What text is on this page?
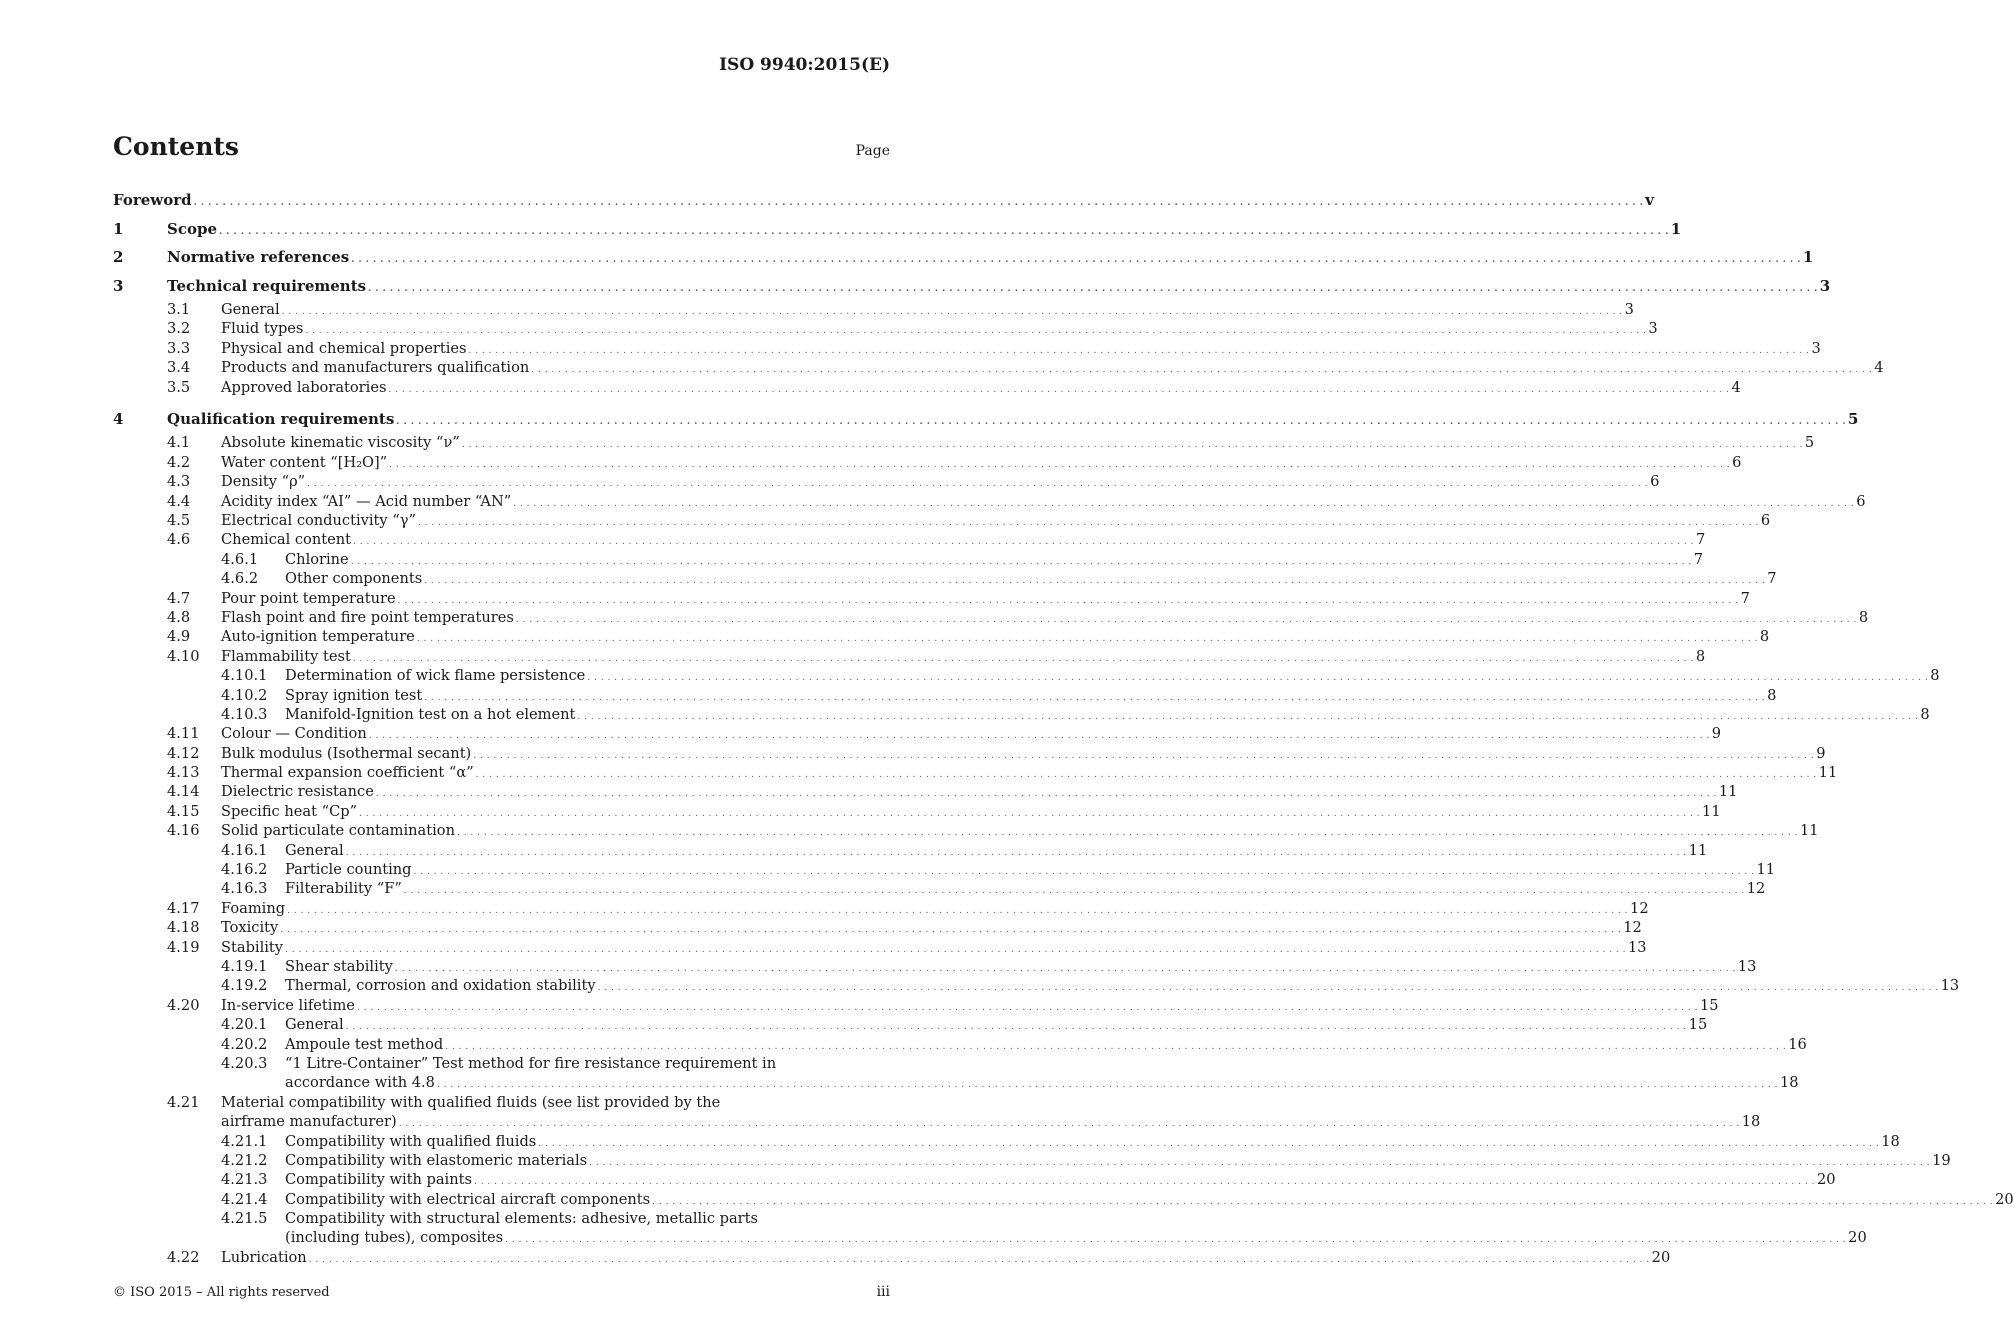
ISO 9940:2015(E)
Contents	Page
Foreword . . . . . . . . . . . . . . . . . . . . . . . . . . . . . . . . . . . . . . . . . . . . . . . . . . . . . . . . . . . . . . . . . . . . . . . . . . . . . . . . . . . . . . . . . . . . . . . . . . . . . . . . . . . . . . . . . . . . . . . . . . . . . . . . . . . . . . . . . . . . . . . . . . . . . . . . . . . . . . . . . . . . . . . . . . . . . . . . . . . . . . . . . . . . . . . . . . . . . . . . v
1	Scope . . . . . . . . . . . . . . . . . . . . . . . . . . . . . . . . . . . . . . . . . . . . . . . . . . . . . . . . . . . . . . . . . . . . . . . . . . . . . . . . . . . . . . . . . . . . . . . . . . . . . . . . . . . . . . . . . . . . . . . . . . . . . . . . . . . . . . . . . . . . . . . . . . . . . . . . . . . . . . . . . . . . . . . . . . . . . . . . . . . . . . . . . . . . . . . . . . . . . . . . 1
2	Normative references . . . . . . . . . . . . . . . . . . . . . . . . . . . . . . . . . . . . . . . . . . . . . . . . . . . . . . . . . . . . . . . . . . . . . . . . . . . . . . . . . . . . . . . . . . . . . . . . . . . . . . . . . . . . . . . . . . . . . . . . . . . . . . . . . . . . . . . . . . . . . . . . . . . . . . . . . . . . . . . . . . . . . . . . . . . . . . . . . . . . . . . . . . . . . . . . . . . . . . . . 1
3	Technical requirements . . . . . . . . . . . . . . . . . . . . . . . . . . . . . . . . . . . . . . . . . . . . . . . . . . . . . . . . . . . . . . . . . . . . . . . . . . . . . . . . . . . . . . . . . . . . . . . . . . . . . . . . . . . . . . . . . . . . . . . . . . . . . . . . . . . . . . . . . . . . . . . . . . . . . . . . . . . . . . . . . . . . . . . . . . . . . . . . . . . . . . . . . . . . . . . . . . . . . . . . 3
3.1 General . . . . . . . . . . . . . . . . . . . . . . . . . . . . . . . . . . . . . . . . . . . . . . . . . . . . . . . . . . . . . . . . . . . . . . . . . . . . . . . . . . . . . . . . . . . . . . . . . . . . . . . . . . . . . . . . . . . . . . . . . . . . . . . . . . . . . . . . . . . . . . . . . . . . . . . . . . . . . . . . . . . . . . . . . . . . . . . . . . . . . . . . . . . . . . . . . . . . . . . . 3
3.2 Fluid types . . . . . . . . . . . . . . . . . . . . . . . . . . . . . . . . . . . . . . . . . . . . . . . . . . . . . . . . . . . . . . . . . . . . . . . . . . . . . . . . . . . . . . . . . . . . . . . . . . . . . . . . . . . . . . . . . . . . . . . . . . . . . . . . . . . . . . . . . . . . . . . . . . . . . . . . . . . . . . . . . . . . . . . . . . . . . . . . . . . . . . . . . . . . . . . . . . . . . . . . 3
3.3 Physical and chemical properties . . . . . . . . . . . . . . . . . . . . . . . . . . . . . . . . . . . . . . . . . . . . . . . . . . . . . . . . . . . . . . . . . . . . . . . . . . . . . . . . . . . . . . . . . . . . . . . . . . . . . . . . . . . . . . . . . . . . . . . . . . . . . . . . . . . . . . . . . . . . . . . . . . . . . . . . . . . . . . . . . . . . . . . . . . . . . . . . . . . . . . . . . . . . . . . . . . . . . . . . 3
3.4 Products and manufacturers qualification . . . . . . . . . . . . . . . . . . . . . . . . . . . . . . . . . . . . . . . . . . . . . . . . . . . . . . . . . . . . . . . . . . . . . . . . . . . . . . . . . . . . . . . . . . . . . . . . . . . . . . . . . . . . . . . . . . . . . . . . . . . . . . . . . . . . . . . . . . . . . . . . . . . . . . . . . . . . . . . . . . . . . . . . . . . . . . . . . . . . . . . . . . . . . . . . . . . . . . . . 4
3.5 Approved laboratories . . . . . . . . . . . . . . . . . . . . . . . . . . . . . . . . . . . . . . . . . . . . . . . . . . . . . . . . . . . . . . . . . . . . . . . . . . . . . . . . . . . . . . . . . . . . . . . . . . . . . . . . . . . . . . . . . . . . . . . . . . . . . . . . . . . . . . . . . . . . . . . . . . . . . . . . . . . . . . . . . . . . . . . . . . . . . . . . . . . . . . . . . . . . . . . . . . . . . . . . 4
4	Qualification requirements . . . . . . . . . . . . . . . . . . . . . . . . . . . . . . . . . . . . . . . . . . . . . . . . . . . . . . . . . . . . . . . . . . . . . . . . . . . . . . . . . . . . . . . . . . . . . . . . . . . . . . . . . . . . . . . . . . . . . . . . . . . . . . . . . . . . . . . . . . . . . . . . . . . . . . . . . . . . . . . . . . . . . . . . . . . . . . . . . . . . . . . . . . . . . . . . . . . . . . . . 5
4.1 Absolute kinematic viscosity “ν” . . . . . . . . . . . . . . . . . . . . . . . . . . . . . . . . . . . . . . . . . . . . . . . . . . . . . . . . . . . . . . . . . . . . . . . . . . . . . . . . . . . . . . . . . . . . . . . . . . . . . . . . . . . . . . . . . . . . . . . . . . . . . . . . . . . . . . . . . . . . . . . . . . . . . . . . . . . . . . . . . . . . . . . . . . . . . . . . . . . . . . . . . . . . . . . . . . . . . . . . 5
4.2 Water content “[H₂O]” . . . . . . . . . . . . . . . . . . . . . . . . . . . . . . . . . . . . . . . . . . . . . . . . . . . . . . . . . . . . . . . . . . . . . . . . . . . . . . . . . . . . . . . . . . . . . . . . . . . . . . . . . . . . . . . . . . . . . . . . . . . . . . . . . . . . . . . . . . . . . . . . . . . . . . . . . . . . . . . . . . . . . . . . . . . . . . . . . . . . . . . . . . . . . . . . . . . . . . . . 6
4.3 Density “ρ” . . . . . . . . . . . . . . . . . . . . . . . . . . . . . . . . . . . . . . . . . . . . . . . . . . . . . . . . . . . . . . . . . . . . . . . . . . . . . . . . . . . . . . . . . . . . . . . . . . . . . . . . . . . . . . . . . . . . . . . . . . . . . . . . . . . . . . . . . . . . . . . . . . . . . . . . . . . . . . . . . . . . . . . . . . . . . . . . . . . . . . . . . . . . . . . . . . . . . . . . 6
4.4 Acidity index “AI” — Acid number “AN” . . . . . . . . . . . . . . . . . . . . . . . . . . . . . . . . . . . . . . . . . . . . . . . . . . . . . . . . . . . . . . . . . . . . . . . . . . . . . . . . . . . . . . . . . . . . . . . . . . . . . . . . . . . . . . . . . . . . . . . . . . . . . . . . . . . . . . . . . . . . . . . . . . . . . . . . . . . . . . . . . . . . . . . . . . . . . . . . . . . . . . . . . . . . . . . . . . . . . . . . 6
4.5 Electrical conductivity “γ” . . . . . . . . . . . . . . . . . . . . . . . . . . . . . . . . . . . . . . . . . . . . . . . . . . . . . . . . . . . . . . . . . . . . . . . . . . . . . . . . . . . . . . . . . . . . . . . . . . . . . . . . . . . . . . . . . . . . . . . . . . . . . . . . . . . . . . . . . . . . . . . . . . . . . . . . . . . . . . . . . . . . . . . . . . . . . . . . . . . . . . . . . . . . . . . . . . . . . . . . 6
4.6 Chemical content . . . . . . . . . . . . . . . . . . . . . . . . . . . . . . . . . . . . . . . . . . . . . . . . . . . . . . . . . . . . . . . . . . . . . . . . . . . . . . . . . . . . . . . . . . . . . . . . . . . . . . . . . . . . . . . . . . . . . . . . . . . . . . . . . . . . . . . . . . . . . . . . . . . . . . . . . . . . . . . . . . . . . . . . . . . . . . . . . . . . . . . . . . . . . . . . . . . . . . . . 7
4.6.1 Chlorine . . . . . . . . . . . . . . . . . . . . . . . . . . . . . . . . . . . . . . . . . . . . . . . . . . . . . . . . . . . . . . . . . . . . . . . . . . . . . . . . . . . . . . . . . . . . . . . . . . . . . . . . . . . . . . . . . . . . . . . . . . . . . . . . . . . . . . . . . . . . . . . . . . . . . . . . . . . . . . . . . . . . . . . . . . . . . . . . . . . . . . . . . . . . . . . . . . . . . . . . 7
4.6.2 Other components . . . . . . . . . . . . . . . . . . . . . . . . . . . . . . . . . . . . . . . . . . . . . . . . . . . . . . . . . . . . . . . . . . . . . . . . . . . . . . . . . . . . . . . . . . . . . . . . . . . . . . . . . . . . . . . . . . . . . . . . . . . . . . . . . . . . . . . . . . . . . . . . . . . . . . . . . . . . . . . . . . . . . . . . . . . . . . . . . . . . . . . . . . . . . . . . . . . . . . . . 7
4.7 Pour point temperature . . . . . . . . . . . . . . . . . . . . . . . . . . . . . . . . . . . . . . . . . . . . . . . . . . . . . . . . . . . . . . . . . . . . . . . . . . . . . . . . . . . . . . . . . . . . . . . . . . . . . . . . . . . . . . . . . . . . . . . . . . . . . . . . . . . . . . . . . . . . . . . . . . . . . . . . . . . . . . . . . . . . . . . . . . . . . . . . . . . . . . . . . . . . . . . . . . . . . . . . 7
4.8 Flash point and fire point temperatures . . . . . . . . . . . . . . . . . . . . . . . . . . . . . . . . . . . . . . . . . . . . . . . . . . . . . . . . . . . . . . . . . . . . . . . . . . . . . . . . . . . . . . . . . . . . . . . . . . . . . . . . . . . . . . . . . . . . . . . . . . . . . . . . . . . . . . . . . . . . . . . . . . . . . . . . . . . . . . . . . . . . . . . . . . . . . . . . . . . . . . . . . . . . . . . . . . . . . . . . 8
4.9 Auto-ignition temperature . . . . . . . . . . . . . . . . . . . . . . . . . . . . . . . . . . . . . . . . . . . . . . . . . . . . . . . . . . . . . . . . . . . . . . . . . . . . . . . . . . . . . . . . . . . . . . . . . . . . . . . . . . . . . . . . . . . . . . . . . . . . . . . . . . . . . . . . . . . . . . . . . . . . . . . . . . . . . . . . . . . . . . . . . . . . . . . . . . . . . . . . . . . . . . . . . . . . . . . . 8
4.10 Flammability test . . . . . . . . . . . . . . . . . . . . . . . . . . . . . . . . . . . . . . . . . . . . . . . . . . . . . . . . . . . . . . . . . . . . . . . . . . . . . . . . . . . . . . . . . . . . . . . . . . . . . . . . . . . . . . . . . . . . . . . . . . . . . . . . . . . . . . . . . . . . . . . . . . . . . . . . . . . . . . . . . . . . . . . . . . . . . . . . . . . . . . . . . . . . . . . . . . . . . . . . 8
4.10.1 Determination of wick flame persistence . . . . . . . . . . . . . . . . . . . . . . . . . . . . . . . . . . . . . . . . . . . . . . . . . . . . . . . . . . . . . . . . . . . . . . . . . . . . . . . . . . . . . . . . . . . . . . . . . . . . . . . . . . . . . . . . . . . . . . . . . . . . . . . . . . . . . . . . . . . . . . . . . . . . . . . . . . . . . . . . . . . . . . . . . . . . . . . . . . . . . . . . . . . . . . . . . . . . . . . . 8
4.10.2 Spray ignition test . . . . . . . . . . . . . . . . . . . . . . . . . . . . . . . . . . . . . . . . . . . . . . . . . . . . . . . . . . . . . . . . . . . . . . . . . . . . . . . . . . . . . . . . . . . . . . . . . . . . . . . . . . . . . . . . . . . . . . . . . . . . . . . . . . . . . . . . . . . . . . . . . . . . . . . . . . . . . . . . . . . . . . . . . . . . . . . . . . . . . . . . . . . . . . . . . . . . . . . . 8
4.10.3 Manifold-Ignition test on a hot element . . . . . . . . . . . . . . . . . . . . . . . . . . . . . . . . . . . . . . . . . . . . . . . . . . . . . . . . . . . . . . . . . . . . . . . . . . . . . . . . . . . . . . . . . . . . . . . . . . . . . . . . . . . . . . . . . . . . . . . . . . . . . . . . . . . . . . . . . . . . . . . . . . . . . . . . . . . . . . . . . . . . . . . . . . . . . . . . . . . . . . . . . . . . . . . . . . . . . . . . 8
4.11 Colour — Condition . . . . . . . . . . . . . . . . . . . . . . . . . . . . . . . . . . . . . . . . . . . . . . . . . . . . . . . . . . . . . . . . . . . . . . . . . . . . . . . . . . . . . . . . . . . . . . . . . . . . . . . . . . . . . . . . . . . . . . . . . . . . . . . . . . . . . . . . . . . . . . . . . . . . . . . . . . . . . . . . . . . . . . . . . . . . . . . . . . . . . . . . . . . . . . . . . . . . . . . . 9
4.12 Bulk modulus (Isothermal secant) . . . . . . . . . . . . . . . . . . . . . . . . . . . . . . . . . . . . . . . . . . . . . . . . . . . . . . . . . . . . . . . . . . . . . . . . . . . . . . . . . . . . . . . . . . . . . . . . . . . . . . . . . . . . . . . . . . . . . . . . . . . . . . . . . . . . . . . . . . . . . . . . . . . . . . . . . . . . . . . . . . . . . . . . . . . . . . . . . . . . . . . . . . . . . . . . . . . . . . . . 9
4.13 Thermal expansion coefficient “α” . . . . . . . . . . . . . . . . . . . . . . . . . . . . . . . . . . . . . . . . . . . . . . . . . . . . . . . . . . . . . . . . . . . . . . . . . . . . . . . . . . . . . . . . . . . . . . . . . . . . . . . . . . . . . . . . . . . . . . . . . . . . . . . . . . . . . . . . . . . . . . . . . . . . . . . . . . . . . . . . . . . . . . . . . . . . . . . . . . . . . . . . . . . . . . . . . . . . . . . . 11
4.14 Dielectric resistance . . . . . . . . . . . . . . . . . . . . . . . . . . . . . . . . . . . . . . . . . . . . . . . . . . . . . . . . . . . . . . . . . . . . . . . . . . . . . . . . . . . . . . . . . . . . . . . . . . . . . . . . . . . . . . . . . . . . . . . . . . . . . . . . . . . . . . . . . . . . . . . . . . . . . . . . . . . . . . . . . . . . . . . . . . . . . . . . . . . . . . . . . . . . . . . . . . . . . . . . 11
4.15 Specific heat “Cp” . . . . . . . . . . . . . . . . . . . . . . . . . . . . . . . . . . . . . . . . . . . . . . . . . . . . . . . . . . . . . . . . . . . . . . . . . . . . . . . . . . . . . . . . . . . . . . . . . . . . . . . . . . . . . . . . . . . . . . . . . . . . . . . . . . . . . . . . . . . . . . . . . . . . . . . . . . . . . . . . . . . . . . . . . . . . . . . . . . . . . . . . . . . . . . . . . . . . . . . . 11
4.16 Solid particulate contamination . . . . . . . . . . . . . . . . . . . . . . . . . . . . . . . . . . . . . . . . . . . . . . . . . . . . . . . . . . . . . . . . . . . . . . . . . . . . . . . . . . . . . . . . . . . . . . . . . . . . . . . . . . . . . . . . . . . . . . . . . . . . . . . . . . . . . . . . . . . . . . . . . . . . . . . . . . . . . . . . . . . . . . . . . . . . . . . . . . . . . . . . . . . . . . . . . . . . . . . . 11
4.16.1 General . . . . . . . . . . . . . . . . . . . . . . . . . . . . . . . . . . . . . . . . . . . . . . . . . . . . . . . . . . . . . . . . . . . . . . . . . . . . . . . . . . . . . . . . . . . . . . . . . . . . . . . . . . . . . . . . . . . . . . . . . . . . . . . . . . . . . . . . . . . . . . . . . . . . . . . . . . . . . . . . . . . . . . . . . . . . . . . . . . . . . . . . . . . . . . . . . . . . . . . . 11
4.16.2 Particle counting . . . . . . . . . . . . . . . . . . . . . . . . . . . . . . . . . . . . . . . . . . . . . . . . . . . . . . . . . . . . . . . . . . . . . . . . . . . . . . . . . . . . . . . . . . . . . . . . . . . . . . . . . . . . . . . . . . . . . . . . . . . . . . . . . . . . . . . . . . . . . . . . . . . . . . . . . . . . . . . . . . . . . . . . . . . . . . . . . . . . . . . . . . . . . . . . . . . . . . . . 11
4.16.3 Filterability “F” . . . . . . . . . . . . . . . . . . . . . . . . . . . . . . . . . . . . . . . . . . . . . . . . . . . . . . . . . . . . . . . . . . . . . . . . . . . . . . . . . . . . . . . . . . . . . . . . . . . . . . . . . . . . . . . . . . . . . . . . . . . . . . . . . . . . . . . . . . . . . . . . . . . . . . . . . . . . . . . . . . . . . . . . . . . . . . . . . . . . . . . . . . . . . . . . . . . . . . . . 12
4.17 Foaming . . . . . . . . . . . . . . . . . . . . . . . . . . . . . . . . . . . . . . . . . . . . . . . . . . . . . . . . . . . . . . . . . . . . . . . . . . . . . . . . . . . . . . . . . . . . . . . . . . . . . . . . . . . . . . . . . . . . . . . . . . . . . . . . . . . . . . . . . . . . . . . . . . . . . . . . . . . . . . . . . . . . . . . . . . . . . . . . . . . . . . . . . . . . . . . . . . . . . . . . 12
4.18 Toxicity . . . . . . . . . . . . . . . . . . . . . . . . . . . . . . . . . . . . . . . . . . . . . . . . . . . . . . . . . . . . . . . . . . . . . . . . . . . . . . . . . . . . . . . . . . . . . . . . . . . . . . . . . . . . . . . . . . . . . . . . . . . . . . . . . . . . . . . . . . . . . . . . . . . . . . . . . . . . . . . . . . . . . . . . . . . . . . . . . . . . . . . . . . . . . . . . . . . . . . . . 12
4.19 Stability . . . . . . . . . . . . . . . . . . . . . . . . . . . . . . . . . . . . . . . . . . . . . . . . . . . . . . . . . . . . . . . . . . . . . . . . . . . . . . . . . . . . . . . . . . . . . . . . . . . . . . . . . . . . . . . . . . . . . . . . . . . . . . . . . . . . . . . . . . . . . . . . . . . . . . . . . . . . . . . . . . . . . . . . . . . . . . . . . . . . . . . . . . . . . . . . . . . . . . . . 13
4.19.1 Shear stability . . . . . . . . . . . . . . . . . . . . . . . . . . . . . . . . . . . . . . . . . . . . . . . . . . . . . . . . . . . . . . . . . . . . . . . . . . . . . . . . . . . . . . . . . . . . . . . . . . . . . . . . . . . . . . . . . . . . . . . . . . . . . . . . . . . . . . . . . . . . . . . . . . . . . . . . . . . . . . . . . . . . . . . . . . . . . . . . . . . . . . . . . . . . . . . . . . . . . . . . 13
4.19.2 Thermal, corrosion and oxidation stability . . . . . . . . . . . . . . . . . . . . . . . . . . . . . . . . . . . . . . . . . . . . . . . . . . . . . . . . . . . . . . . . . . . . . . . . . . . . . . . . . . . . . . . . . . . . . . . . . . . . . . . . . . . . . . . . . . . . . . . . . . . . . . . . . . . . . . . . . . . . . . . . . . . . . . . . . . . . . . . . . . . . . . . . . . . . . . . . . . . . . . . . . . . . . . . . . . . . . . . . 13
4.20 In-service lifetime . . . . . . . . . . . . . . . . . . . . . . . . . . . . . . . . . . . . . . . . . . . . . . . . . . . . . . . . . . . . . . . . . . . . . . . . . . . . . . . . . . . . . . . . . . . . . . . . . . . . . . . . . . . . . . . . . . . . . . . . . . . . . . . . . . . . . . . . . . . . . . . . . . . . . . . . . . . . . . . . . . . . . . . . . . . . . . . . . . . . . . . . . . . . . . . . . . . . . . . . 15
4.20.1 General . . . . . . . . . . . . . . . . . . . . . . . . . . . . . . . . . . . . . . . . . . . . . . . . . . . . . . . . . . . . . . . . . . . . . . . . . . . . . . . . . . . . . . . . . . . . . . . . . . . . . . . . . . . . . . . . . . . . . . . . . . . . . . . . . . . . . . . . . . . . . . . . . . . . . . . . . . . . . . . . . . . . . . . . . . . . . . . . . . . . . . . . . . . . . . . . . . . . . . . . 15
4.20.2 Ampoule test method . . . . . . . . . . . . . . . . . . . . . . . . . . . . . . . . . . . . . . . . . . . . . . . . . . . . . . . . . . . . . . . . . . . . . . . . . . . . . . . . . . . . . . . . . . . . . . . . . . . . . . . . . . . . . . . . . . . . . . . . . . . . . . . . . . . . . . . . . . . . . . . . . . . . . . . . . . . . . . . . . . . . . . . . . . . . . . . . . . . . . . . . . . . . . . . . . . . . . . . . 16
4.20.3 “1 Litre-Container” Test method for fire resistance requirement in
accordance with 4.8 . . . . . . . . . . . . . . . . . . . . . . . . . . . . . . . . . . . . . . . . . . . . . . . . . . . . . . . . . . . . . . . . . . . . . . . . . . . . . . . . . . . . . . . . . . . . . . . . . . . . . . . . . . . . . . . . . . . . . . . . . . . . . . . . . . . . . . . . . . . . . . . . . . . . . . . . . . . . . . . . . . . . . . . . . . . . . . . . . . . . . . . . . . . . . . . . . . . . . . . . 18
4.21 Material compatibility with qualified fluids (see list provided by the
airframe manufacturer) . . . . . . . . . . . . . . . . . . . . . . . . . . . . . . . . . . . . . . . . . . . . . . . . . . . . . . . . . . . . . . . . . . . . . . . . . . . . . . . . . . . . . . . . . . . . . . . . . . . . . . . . . . . . . . . . . . . . . . . . . . . . . . . . . . . . . . . . . . . . . . . . . . . . . . . . . . . . . . . . . . . . . . . . . . . . . . . . . . . . . . . . . . . . . . . . . . . . . . . . 18
4.21.1 Compatibility with qualified fluids . . . . . . . . . . . . . . . . . . . . . . . . . . . . . . . . . . . . . . . . . . . . . . . . . . . . . . . . . . . . . . . . . . . . . . . . . . . . . . . . . . . . . . . . . . . . . . . . . . . . . . . . . . . . . . . . . . . . . . . . . . . . . . . . . . . . . . . . . . . . . . . . . . . . . . . . . . . . . . . . . . . . . . . . . . . . . . . . . . . . . . . . . . . . . . . . . . . . . . . . 18
4.21.2 Compatibility with elastomeric materials . . . . . . . . . . . . . . . . . . . . . . . . . . . . . . . . . . . . . . . . . . . . . . . . . . . . . . . . . . . . . . . . . . . . . . . . . . . . . . . . . . . . . . . . . . . . . . . . . . . . . . . . . . . . . . . . . . . . . . . . . . . . . . . . . . . . . . . . . . . . . . . . . . . . . . . . . . . . . . . . . . . . . . . . . . . . . . . . . . . . . . . . . . . . . . . . . . . . . . . . 19
4.21.3 Compatibility with paints . . . . . . . . . . . . . . . . . . . . . . . . . . . . . . . . . . . . . . . . . . . . . . . . . . . . . . . . . . . . . . . . . . . . . . . . . . . . . . . . . . . . . . . . . . . . . . . . . . . . . . . . . . . . . . . . . . . . . . . . . . . . . . . . . . . . . . . . . . . . . . . . . . . . . . . . . . . . . . . . . . . . . . . . . . . . . . . . . . . . . . . . . . . . . . . . . . . . . . . . 20
4.21.4 Compatibility with electrical aircraft components . . . . . . . . . . . . . . . . . . . . . . . . . . . . . . . . . . . . . . . . . . . . . . . . . . . . . . . . . . . . . . . . . . . . . . . . . . . . . . . . . . . . . . . . . . . . . . . . . . . . . . . . . . . . . . . . . . . . . . . . . . . . . . . . . . . . . . . . . . . . . . . . . . . . . . . . . . . . . . . . . . . . . . . . . . . . . . . . . . . . . . . . . . . . . . . . . . . . . . . . 20
4.21.5 Compatibility with structural elements: adhesive, metallic parts
(including tubes), composites . . . . . . . . . . . . . . . . . . . . . . . . . . . . . . . . . . . . . . . . . . . . . . . . . . . . . . . . . . . . . . . . . . . . . . . . . . . . . . . . . . . . . . . . . . . . . . . . . . . . . . . . . . . . . . . . . . . . . . . . . . . . . . . . . . . . . . . . . . . . . . . . . . . . . . . . . . . . . . . . . . . . . . . . . . . . . . . . . . . . . . . . . . . . . . . . . . . . . . . . 20
4.22 Lubrication . . . . . . . . . . . . . . . . . . . . . . . . . . . . . . . . . . . . . . . . . . . . . . . . . . . . . . . . . . . . . . . . . . . . . . . . . . . . . . . . . . . . . . . . . . . . . . . . . . . . . . . . . . . . . . . . . . . . . . . . . . . . . . . . . . . . . . . . . . . . . . . . . . . . . . . . . . . . . . . . . . . . . . . . . . . . . . . . . . . . . . . . . . . . . . . . . . . . . . . . 20
© ISO 2015 – All rights reserved	iii
